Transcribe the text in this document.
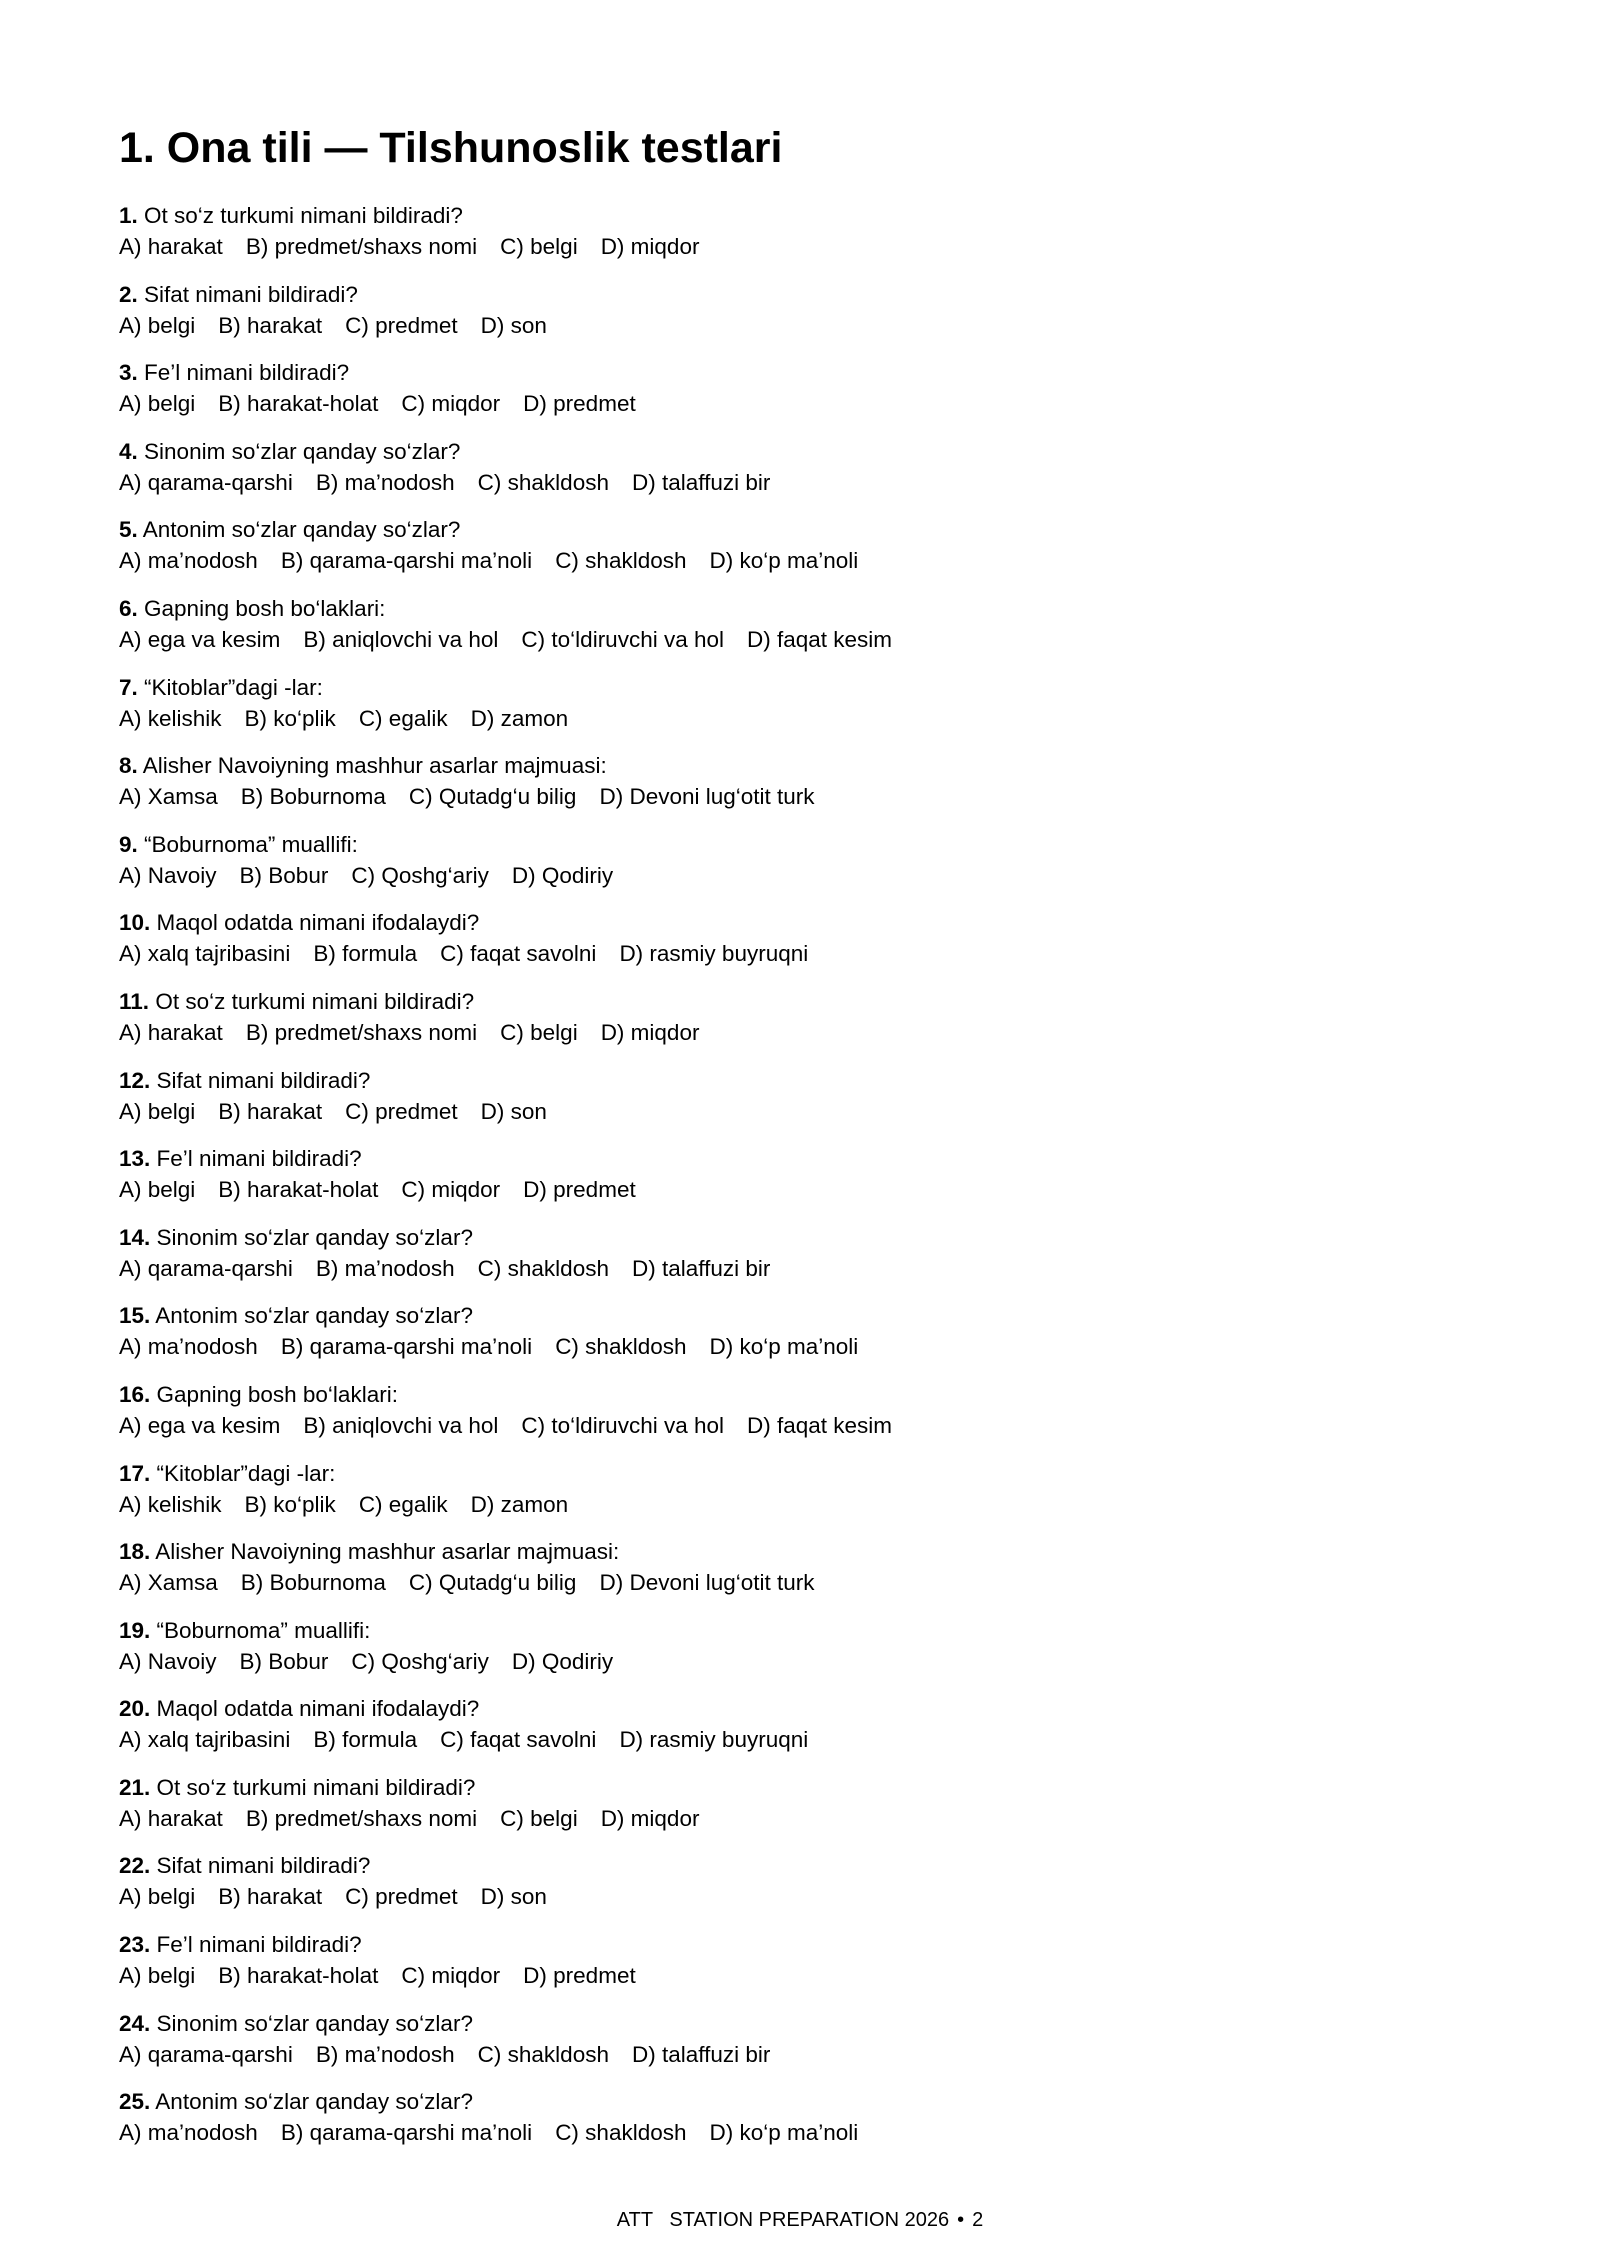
1. Ona tili — Tilshunoslik testlari
1. Ot so‘z turkumi nimani bildiradi?
A) harakat B) predmet/shaxs nomi C) belgi D) miqdor
2. Sifat nimani bildiradi?
A) belgi B) harakat C) predmet D) son
3. Fe’l nimani bildiradi?
A) belgi B) harakat-holat C) miqdor D) predmet
4. Sinonim so‘zlar qanday so‘zlar?
A) qarama-qarshi B) ma’nodosh C) shakldosh D) talaffuzi bir
5. Antonim so‘zlar qanday so‘zlar?
A) ma’nodosh B) qarama-qarshi ma’noli C) shakldosh D) ko‘p ma’noli
6. Gapning bosh bo‘laklari:
A) ega va kesim B) aniqlovchi va hol C) to‘ldiruvchi va hol D) faqat kesim
7. “Kitoblar”dagi -lar:
A) kelishik B) ko‘plik C) egalik D) zamon
8. Alisher Navoiyning mashhur asarlar majmuasi:
A) Xamsa B) Boburnoma C) Qutadg‘u bilig D) Devoni lug‘otit turk
9. “Boburnoma” muallifi:
A) Navoiy B) Bobur C) Qoshg‘ariy D) Qodiriy
10. Maqol odatda nimani ifodalaydi?
A) xalq tajribasini B) formula C) faqat savolni D) rasmiy buyruqni
11. Ot so‘z turkumi nimani bildiradi?
A) harakat B) predmet/shaxs nomi C) belgi D) miqdor
12. Sifat nimani bildiradi?
A) belgi B) harakat C) predmet D) son
13. Fe’l nimani bildiradi?
A) belgi B) harakat-holat C) miqdor D) predmet
14. Sinonim so‘zlar qanday so‘zlar?
A) qarama-qarshi B) ma’nodosh C) shakldosh D) talaffuzi bir
15. Antonim so‘zlar qanday so‘zlar?
A) ma’nodosh B) qarama-qarshi ma’noli C) shakldosh D) ko‘p ma’noli
16. Gapning bosh bo‘laklari:
A) ega va kesim B) aniqlovchi va hol C) to‘ldiruvchi va hol D) faqat kesim
17. “Kitoblar”dagi -lar:
A) kelishik B) ko‘plik C) egalik D) zamon
18. Alisher Navoiyning mashhur asarlar majmuasi:
A) Xamsa B) Boburnoma C) Qutadg‘u bilig D) Devoni lug‘otit turk
19. “Boburnoma” muallifi:
A) Navoiy B) Bobur C) Qoshg‘ariy D) Qodiriy
20. Maqol odatda nimani ifodalaydi?
A) xalq tajribasini B) formula C) faqat savolni D) rasmiy buyruqni
21. Ot so‘z turkumi nimani bildiradi?
A) harakat B) predmet/shaxs nomi C) belgi D) miqdor
22. Sifat nimani bildiradi?
A) belgi B) harakat C) predmet D) son
23. Fe’l nimani bildiradi?
A) belgi B) harakat-holat C) miqdor D) predmet
24. Sinonim so‘zlar qanday so‘zlar?
A) qarama-qarshi B) ma’nodosh C) shakldosh D) talaffuzi bir
25. Antonim so‘zlar qanday so‘zlar?
A) ma’nodosh B) qarama-qarshi ma’noli C) shakldosh D) ko‘p ma’noli
ATT   STATION PREPARATION 2026 • 2
